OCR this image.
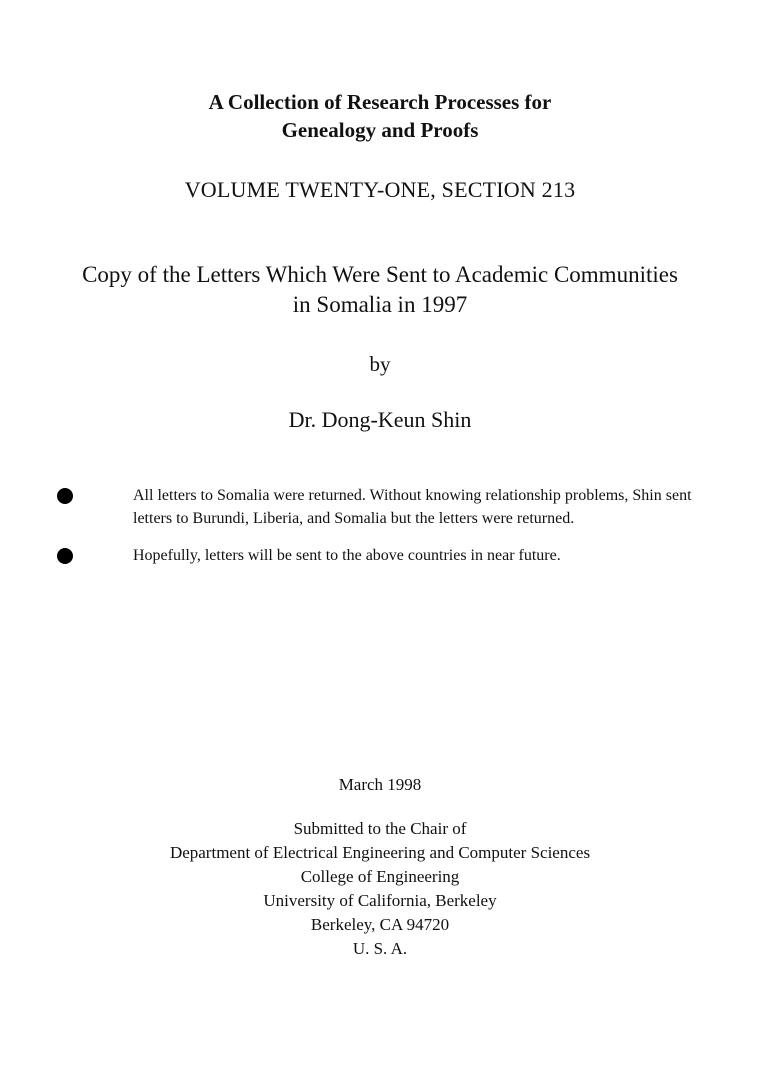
A Collection of Research Processes for
Genealogy and Proofs
VOLUME TWENTY-ONE, SECTION 213
Copy of the Letters Which Were Sent to Academic Communities
in Somalia in 1997
by
Dr. Dong-Keun Shin
All letters to Somalia were returned. Without knowing relationship problems, Shin sent letters to Burundi, Liberia, and Somalia but the letters were returned.
Hopefully, letters will be sent to the above countries in near future.
March 1998
Submitted to the Chair of
Department of Electrical Engineering and Computer Sciences
College of Engineering
University of California, Berkeley
Berkeley, CA 94720
U. S. A.
